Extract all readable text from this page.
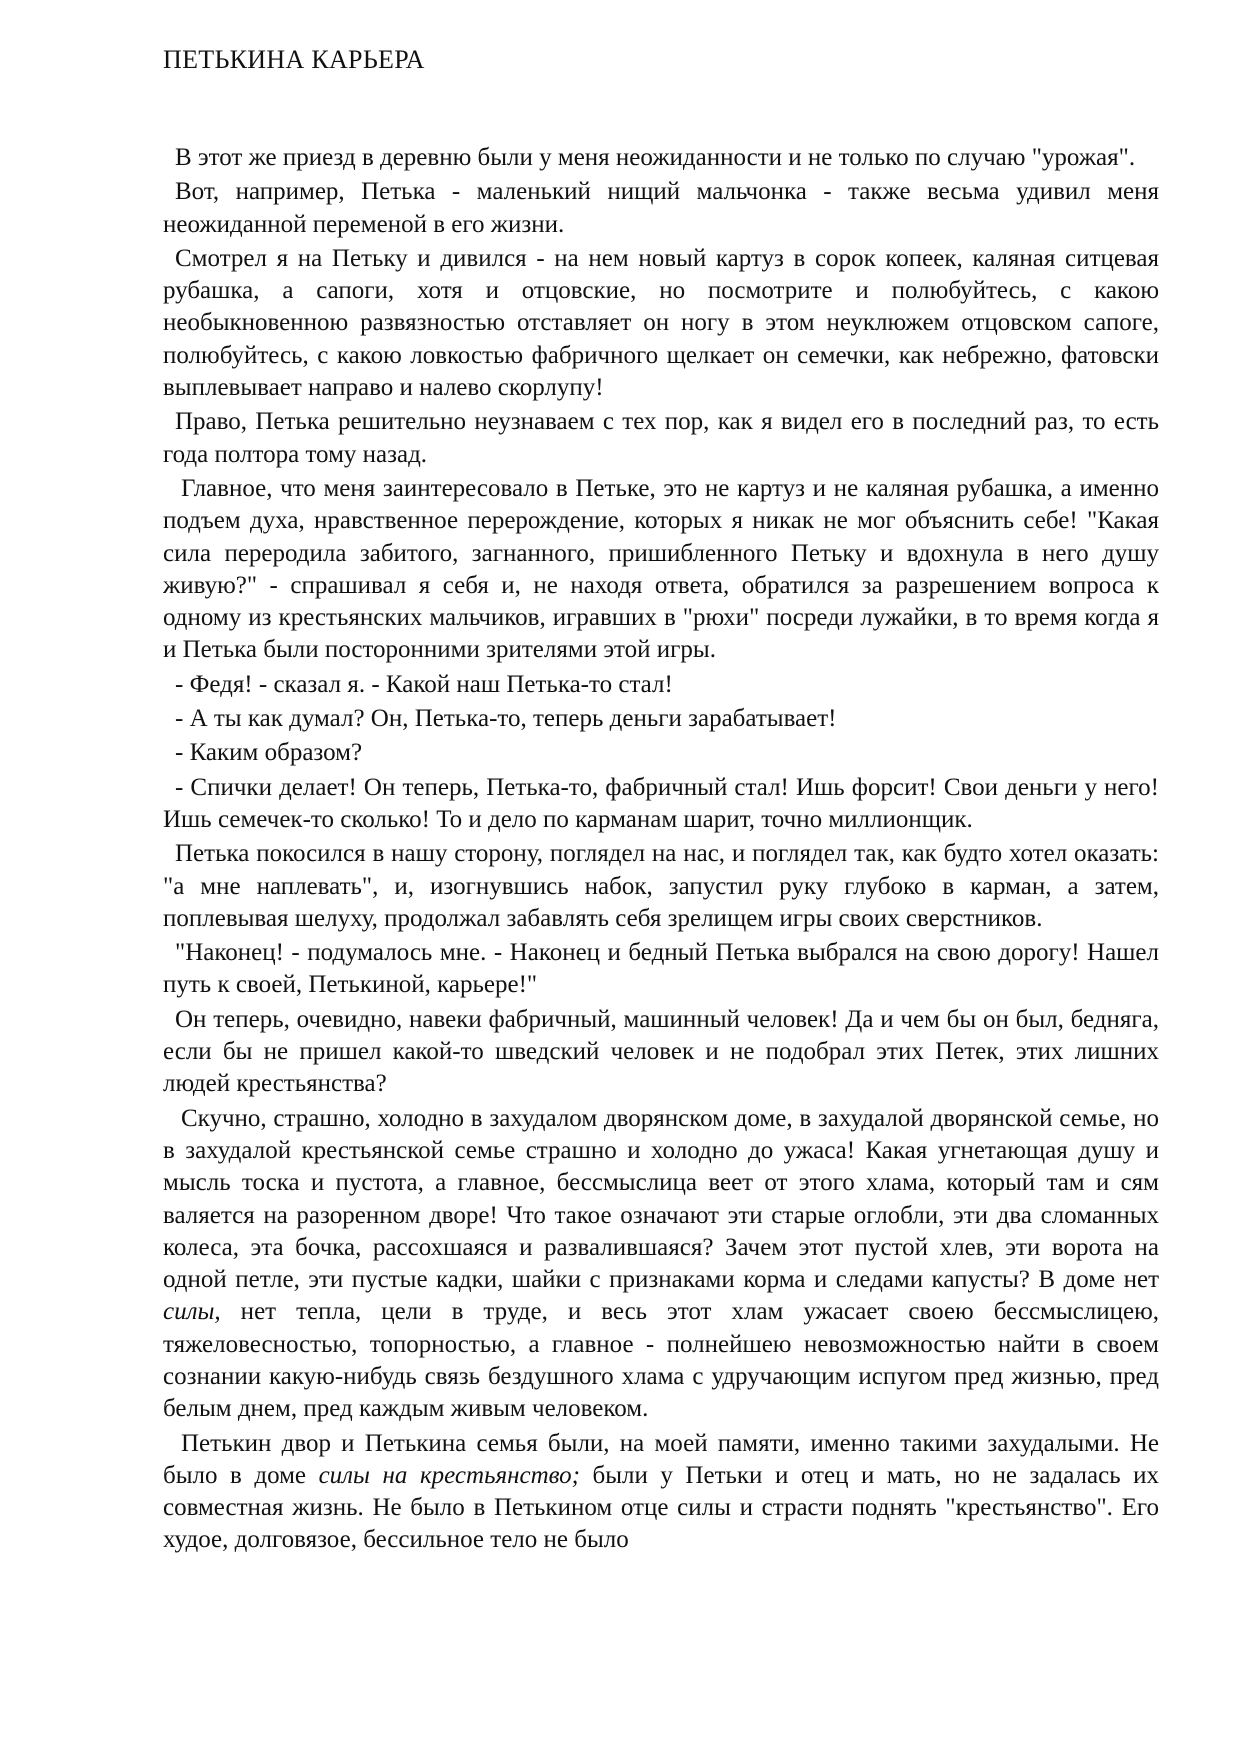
ПЕТЬКИНА КАРЬЕРА

В этот же приезд в деревню были у меня неожиданности и не только по случаю "урожая".

Вот, например, Петька - маленький нищий мальчонка - также весьма удивил меня неожиданной переменой в его жизни.

Смотрел я на Петьку и дивился - на нем новый картуз в сорок копеек, каляная ситцевая рубашка, а сапоги, хотя и отцовские, но посмотрите и полюбуйтесь, с какою необыкновенною развязностью отставляет он ногу в этом неуклюжем отцовском сапоге, полюбуйтесь, с какою ловкостью фабричного щелкает он семечки, как небрежно, фатовски выплевывает направо и налево скорлупу!

Право, Петька решительно неузнаваем с тех пор, как я видел его в последний раз, то есть года полтора тому назад.

Главное, что меня заинтересовало в Петьке, это не картуз и не каляная рубашка, а именно подъем духа, нравственное перерождение, которых я никак не мог объяснить себе! "Какая сила переродила забитого, загнанного, пришибленного Петьку и вдохнула в него душу живую?" - спрашивал я себя и, не находя ответа, обратился за разрешением вопроса к одному из крестьянских мальчиков, игравших в "рюхи" посреди лужайки, в то время когда я и Петька были посторонними зрителями этой игры.

- Федя! - сказал я. - Какой наш Петька-то стал!

- А ты как думал? Он, Петька-то, теперь деньги зарабатывает!

- Каким образом?

- Спички делает! Он теперь, Петька-то, фабричный стал! Ишь форсит! Свои деньги у него! Ишь семечек-то сколько! То и дело по карманам шарит, точно миллионщик.

Петька покосился в нашу сторону, поглядел на нас, и поглядел так, как будто хотел оказать: "а мне наплевать", и, изогнувшись набок, запустил руку глубоко в карман, а затем, поплевывая шелуху, продолжал забавлять себя зрелищем игры своих сверстников.

"Наконец! - подумалось мне. - Наконец и бедный Петька выбрался на свою дорогу! Нашел путь к своей, Петькиной, карьере!"

Он теперь, очевидно, навеки фабричный, машинный человек! Да и чем бы он был, бедняга, если бы не пришел какой-то шведский человек и не подобрал этих Петек, этих лишних людей крестьянства?

Скучно, страшно, холодно в захудалом дворянском доме, в захудалой дворянской семье, но в захудалой крестьянской семье страшно и холодно до ужаса! Какая угнетающая душу и мысль тоска и пустота, а главное, бессмыслица веет от этого хлама, который там и сям валяется на разоренном дворе! Что такое означают эти старые оглобли, эти два сломанных колеса, эта бочка, рассохшаяся и развалившаяся? Зачем этот пустой хлев, эти ворота на одной петле, эти пустые кадки, шайки с признаками корма и следами капусты? В доме нет силы, нет тепла, цели в труде, и весь этот хлам ужасает своею бессмыслицею, тяжеловесностью, топорностью, а главное - полнейшею невозможностью найти в своем сознании какую-нибудь связь бездушного хлама с удручающим испугом пред жизнью, пред белым днем, пред каждым живым человеком.

Петькин двор и Петькина семья были, на моей памяти, именно такими захудалыми. Не было в доме силы на крестьянство; были у Петьки и отец и мать, но не задалась их совместная жизнь. Не было в Петькином отце силы и страсти поднять "крестьянство". Его худое, долговязое, бессильное тело не было
